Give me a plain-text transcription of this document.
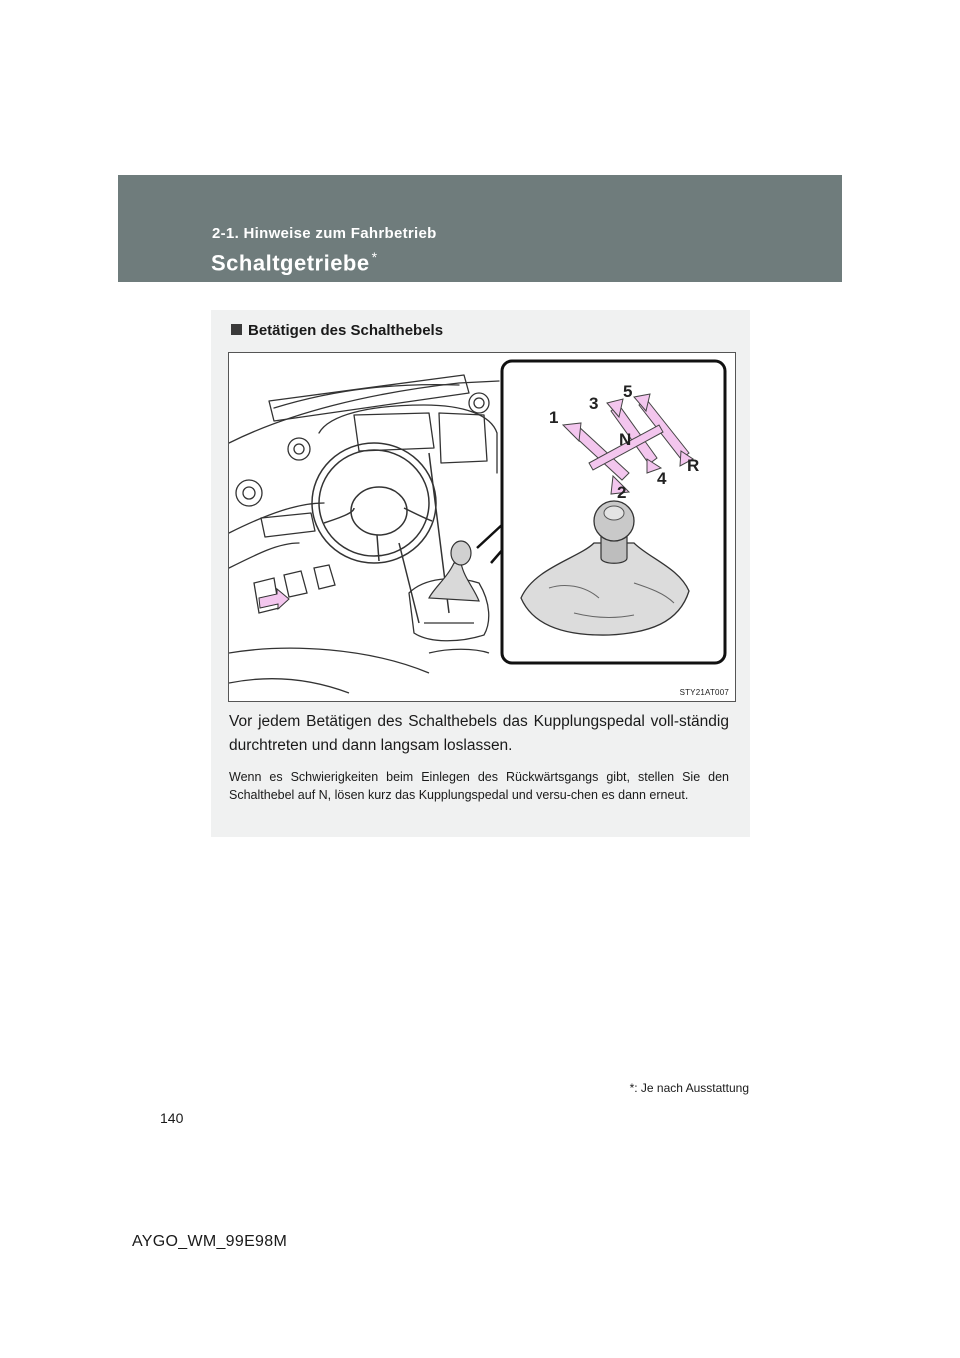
2-1. Hinweise zum Fahrbetrieb
Schaltgetriebe *
Betätigen des Schalthebels
1
2
3
4
5
R
N
STY21AT007
Vor jedem Betätigen des Schalthebels das Kupplungspedal voll-ständig durchtreten und dann langsam loslassen.
Wenn es Schwierigkeiten beim Einlegen des Rückwärtsgangs gibt, stellen Sie den Schalthebel auf N, lösen kurz das Kupplungspedal und versu-chen es dann erneut.
*: Je nach Ausstattung
140
AYGO_WM_99E98M
